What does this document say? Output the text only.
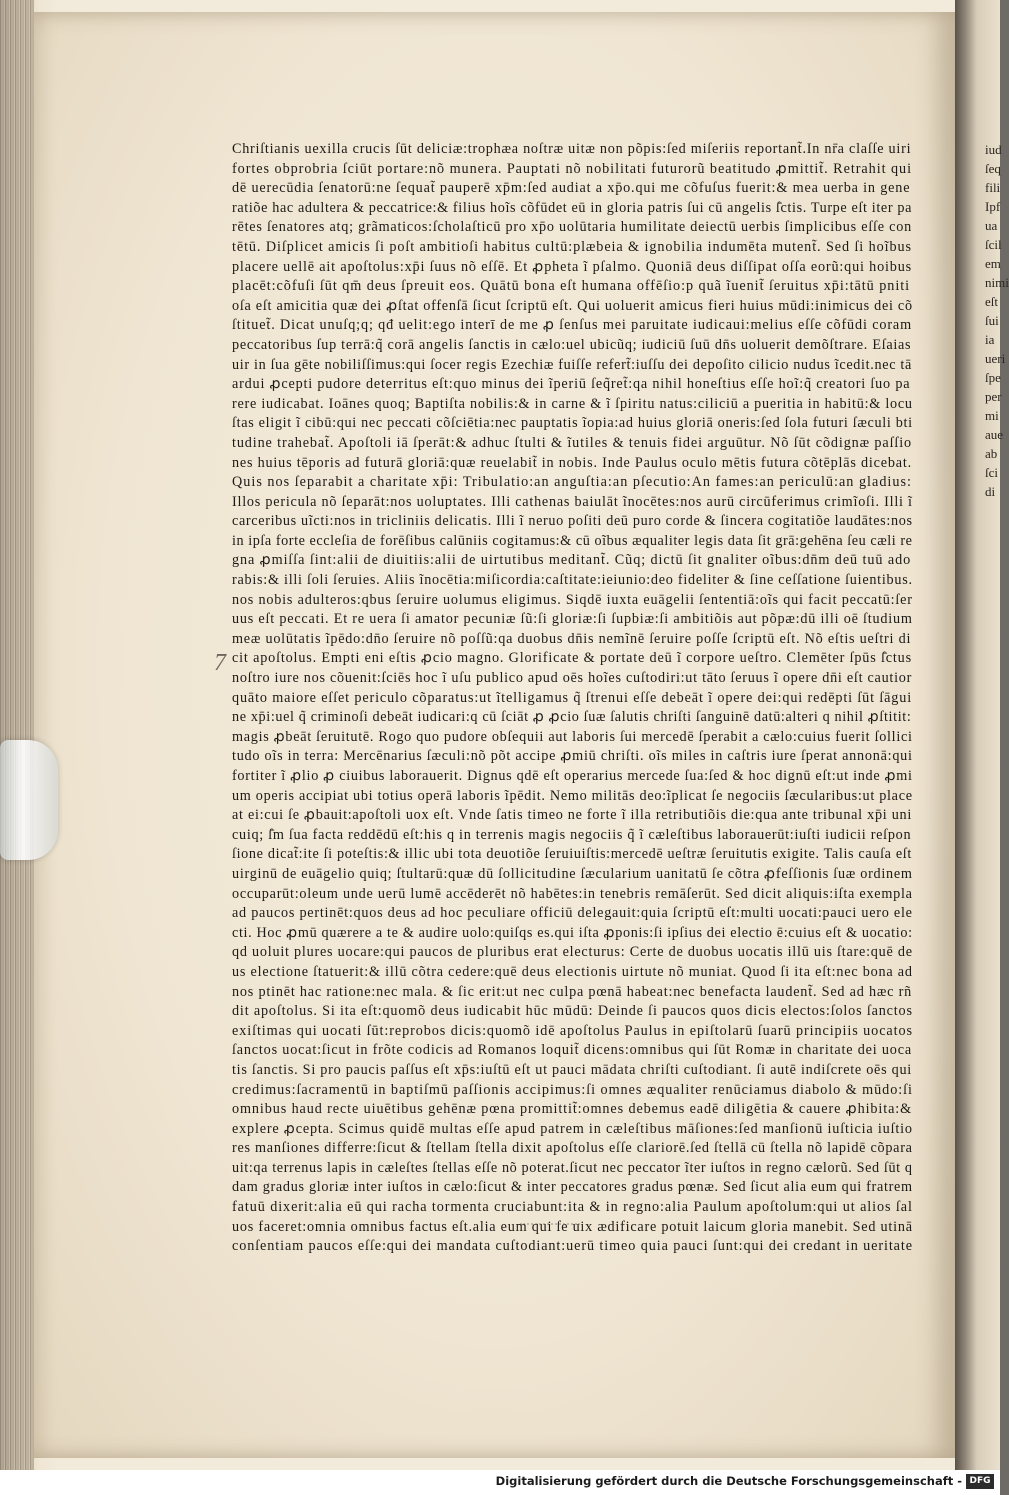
iud
ſeq
fili
Ipf
ua
ſcil
em
nimi
eſt
ſui
ia
ueri
ſpe
per
mi
aue
ab
ſci
di
7
Chriſtianis uexilla crucis ſūt deliciæ:trophæa noſtræ uitæ non põpis:ſed miſeriis reportant̃.In nr̄a claſſe uiri
fortes obprobria ſciūt portare:nõ munera. Pauptati nõ nobilitati futurorũ beatitudo ꝓmittit̃. Retrahit qui
dē uerecūdia ſenatorū:ne ſequat̃ pauperē xp̄m:ſed audiat a xp̄o.qui me cõfuſus fuerit:& mea uerba in gene
ratiõe hac adultera & peccatrice:& filius hoĩs cõfūdet eū in gloria patris ſui cū angelis ſ̄ctis. Turpe eſt iter pa
rētes ſenatores atq; grãmaticos:ſcholaſticū pro xp̄o uolūtaria humilitate deiectū uerbis ſimplicibus eſſe con
tētū. Diſplicet amicis ſi poſt ambitioſi habitus cultū:plæbeia & ignobilia indumēta mutent̃. Sed ſi hoĩbus
placere uellē ait apoſtolus:xp̄i ſuus nõ eſſē. Et ꝓpheta ĩ pſalmo. Quoniā deus diſſipat oſſa eorũ:qui hoibus
placēt:cõfuſi ſūt qm̄ deus ſpreuit eos. Quātū bona eſt humana offēſio:p quã ĩuenit̃ ſeruitus xp̄i:tātū pniti
oſa eſt amicitia quæ dei ꝓſtat offenſā ſicut ſcriptū eſt. Qui uoluerit amicus fieri huius mūdi:inimicus dei cõ
ſtituet̃. Dicat unuſq;q; qđ uelit:ego interī de me ꝓ ſenſus mei paruitate iudicaui:melius eſſe cõfūdi coram
peccatoribus ſup terrā:q̃ corā angelis ſanctis in cælo:uel ubicũq; iudiciū ſuū dn̄s uoluerit demõſtrare. Eſaias
uir in ſua gēte nobiliſſimus:qui ſocer regis Ezechiæ fuiſſe refert̃:iuſſu dei depoſito cilicio nudus ĩcedit.nec tā
ardui ꝓcepti pudore deterritus eſt:quo minus dei ĩperiū ſeq̃ret̃:qa nihil honeſtius eſſe hoĩ:q̃ creatori ſuo pa
rere iudicabat. Ioānes quoq; Baptiſta nobilis:& in carne & ĩ ſpiritu natus:ciliciū a pueritia in habitū:& locu
ſtas eligit ĩ cibū:qui nec peccati cõſciētia:nec pauptatis ĩopia:ad huius gloriā oneris:ſed ſola futuri ſæculi bti
tudine trahebat̃. Apoſtoli iā ſperāt:& adhuc ſtulti & ĩutiles & tenuis fidei arguūtur. Nõ ſūt cõdignæ paſſio
nes huius tēporis ad futurā gloriā:quæ reuelabit̃ in nobis. Inde Paulus oculo mētis futura cõtēplās dicebat.
Quis nos ſeparabit a charitate xp̄i: Tribulatio:an anguſtia:an pſecutio:An fames:an periculū:an gladius:
Illos pericula nõ ſeparāt:nos uoluptates. Illi cathenas baiulāt ĩnocētes:nos aurū circūferimus crimĩoſi. Illi ĩ
carceribus uĩcti:nos in tricliniis delicatis. Illi ĩ neruo poſiti deū puro corde & ſincera cogitatiõe laudātes:nos
in ipſa forte eccleſia de forēſibus calūniis cogitamus:& cū oĩbus æqualiter legis data ſit grā:gehēna ſeu cæli re
gna ꝓmiſſa ſint:alii de diuitiis:alii de uirtutibus meditant̃. Cũq; dictū ſit gnaliter oĩbus:dn̄m deū tuū ado
rabis:& illi ſoli ſeruies. Aliis ĩnocētia:miſicordia:caſtitate:ieiunio:deo fideliter & ſine ceſſatione ſuientibus.
nos nobis adulteros:qbus ſeruire uolumus eligimus. Siqdē iuxta euāgelii ſententiā:oĩs qui facit peccatū:ſer
uus eſt peccati. Et re uera ſi amator pecuniæ ſũ:ſi gloriæ:ſi ſupbiæ:ſi ambitiõis aut põpæ:dū illi oē ſtudium
meæ uolūtatis ĩpēdo:dn̄o ſeruire nõ poſſũ:qa duobus dn̄is nemĩnē ſeruire poſſe ſcriptū eſt. Nõ eſtis ueſtri di
cit apoſtolus. Empti eni eſtis ꝓcio magno. Glorificate & portate deū ĩ corpore ueſtro. Clemēter ſpūs ſ̄ctus
noſtro iure nos cõuenit:ſciēs hoc ĩ uſu publico apud oēs hoĩes cuſtodiri:ut tāto ſeruus ĩ opere dn̄i eſt cautior
quāto maiore eſſet periculo cõparatus:ut ĩtelligamus q̃ ſtrenui eſſe debeāt ĩ opere dei:qui redēpti ſūt ſāgui
ne xp̄i:uel q̃ criminoſi debeāt iudicari:q cū ſciāt ꝓ ꝓcio ſuæ ſalutis chriſti ſanguinē datū:alteri q nihil ꝓſtitit:
magis ꝓbeāt ſeruitutē. Rogo quo pudore obſequii aut laboris ſui mercedē ſperabit a cælo:cuius fuerit ſollici
tudo oĩs in terra: Mercēnarius ſæculi:nõ põt accipe ꝓmiū chriſti. oĩs miles in caſtris iure ſperat annonā:qui
fortiter ĩ ꝓlio ꝓ ciuibus laborauerit. Dignus qdē eſt operarius mercede ſua:ſed & hoc dignū eſt:ut inde ꝓmi
um operis accipiat ubi totius operā laboris ĩpēdit. Nemo militās deo:ĩplicat ſe negociis ſæcularibus:ut place
at ei:cui ſe ꝓbauit:apoſtoli uox eſt. Vnde ſatis timeo ne forte ĩ illa retributiõis die:qua ante tribunal xp̄i uni
cuiq; ſ̄m ſua facta reddēdū eſt:his q in terrenis magis negociis q̃ ĩ cæleſtibus laborauerūt:iuſti iudicii reſpon
ſione dicat̃:ite ſi poteſtis:& illic ubi tota deuotiõe ſeruiuiſtis:mercedē ueſtræ ſeruitutis exigite. Talis cauſa eſt
uirginū de euāgelio quiq; ſtultarū:quæ dū ſollicitudine ſæcularium uanitatū ſe cõtra ꝓfeſſionis ſuæ ordinem
occuparūt:oleum unde uerū lumē accēderēt nõ habētes:in tenebris remāſerūt. Sed dicit aliquis:iſta exempla
ad paucos pertinēt:quos deus ad hoc peculiare officiū delegauit:quia ſcriptū eſt:multi uocati:pauci uero ele
cti. Hoc ꝓmū quærere a te & audire uolo:quiſqs es.qui iſta ꝓponis:ſi ipſius dei electio ē:cuius eſt & uocatio:
qd uoluit plures uocare:qui paucos de pluribus erat electurus: Certe de duobus uocatis illū uis ſtare:quē de
us electione ſtatuerit:& illū cõtra cedere:quē deus electionis uirtute nõ muniat. Quod ſi ita eſt:nec bona ad
nos ptinēt hac ratione:nec mala. & ſic erit:ut nec culpa pœnā habeat:nec benefacta laudent̃. Sed ad hæc rñ
dit apoſtolus. Si ita eſt:quomõ deus iudicabit hūc mūdū: Deinde ſi paucos quos dicis electos:ſolos ſanctos
exiſtimas qui uocati ſūt:reprobos dicis:quomõ idē apoſtolus Paulus in epiſtolarū ſuarū principiis uocatos
ſanctos uocat:ſicut in frõte codicis ad Romanos loquit̃ dicens:omnibus qui ſūt Romæ in charitate dei uoca
tis ſanctis. Si pro paucis paſſus eſt xp̄s:iuſtū eſt ut pauci mādata chriſti cuſtodiant. ſi autē indiſcrete oēs qui
credimus:ſacramentū in baptiſmū paſſionis accipimus:ſi omnes æqualiter renūciamus diabolo & mūdo:ſi
omnibus haud recte uiuētibus gehēnæ pœna promittit̃:omnes debemus eadē diligētia & cauere ꝓhibita:&
explere ꝓcepta. Scimus quidē multas eſſe apud patrem in cæleſtibus māſiones:ſed manſionū iuſticia iuſtio
res manſiones differre:ſicut & ſtellam ſtella dixit apoſtolus eſſe clariorē.ſed ſtellā cū ſtella nõ lapidē cõpara
uit:qa terrenus lapis in cæleſtes ſtellas eſſe nõ poterat.ſicut nec peccator ĩter iuſtos in regno cælorũ. Sed ſūt q
dam gradus gloriæ inter iuſtos in cælo:ſicut & inter peccatores gradus pœnæ. Sed ſicut alia eum qui fratrem
fatuū dixerit:alia eū qui racha tormenta cruciabunt:ita & in regno:alia Paulum apoſtolum:qui ut alios ſal
uos faceret:omnia omnibus factus eſt.alia eum qui ſe uix ædificare potuit laicum gloria manebit. Sed utinā
conſentiam paucos eſſe:qui dei mandata cuſtodiant:uerū timeo quia pauci ſunt:qui dei credant in ueritate
Digitalisierung gefördert durch die Deutsche Forschungsgemeinschaft - DFG
